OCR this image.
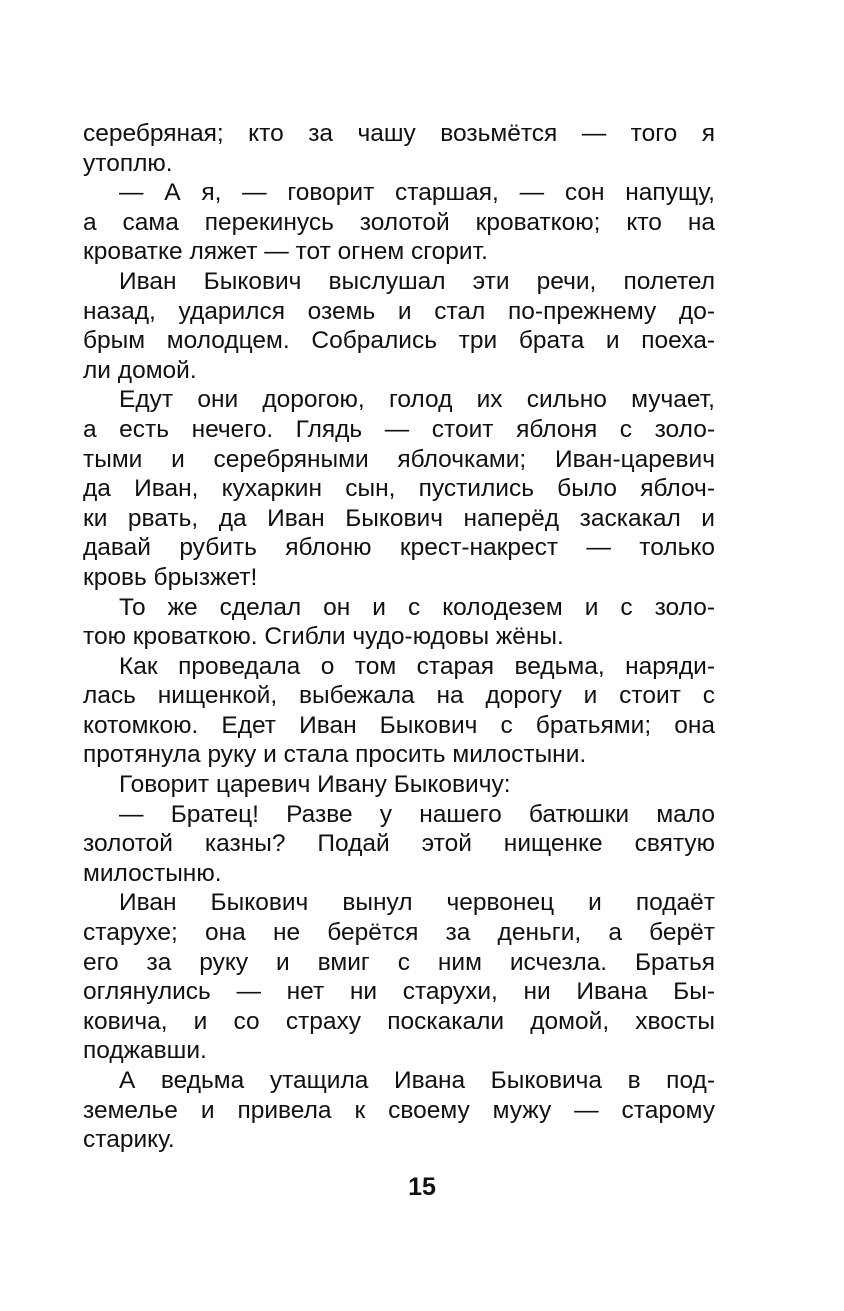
серебряная; кто за чашу возьмётся — того я
утоплю.
— А я, — говорит старшая, — сон напущу,
а сама перекинусь золотой кроваткою; кто на
кроватке ляжет — тот огнем сгорит.
Иван Быкович выслушал эти речи, полетел
назад, ударился оземь и стал по-прежнему до-
брым молодцем. Собрались три брата и поеха-
ли домой.
Едут они дорогою, голод их сильно мучает,
а есть нечего. Глядь — стоит яблоня с золо-
тыми и серебряными яблочками; Иван-царевич
да Иван, кухаркин сын, пустились было яблоч-
ки рвать, да Иван Быкович наперёд заскакал и
давай рубить яблоню крест-накрест — только
кровь брызжет!
То же сделал он и с колодезем и с золо-
тою кроваткою. Сгибли чудо-юдовы жёны.
Как проведала о том старая ведьма, наряди-
лась нищенкой, выбежала на дорогу и стоит с
котомкою. Едет Иван Быкович с братьями; она
протянула руку и стала просить милостыни.
Говорит царевич Ивану Быковичу:
— Братец! Разве у нашего батюшки мало
золотой казны? Подай этой нищенке святую
милостыню.
Иван Быкович вынул червонец и подаёт
старухе; она не берётся за деньги, а берёт
его за руку и вмиг с ним исчезла. Братья
оглянулись — нет ни старухи, ни Ивана Бы-
ковича, и со страху поскакали домой, хвосты
поджавши.
А ведьма утащила Ивана Быковича в под-
земелье и привела к своему мужу — старому
старику.
15
